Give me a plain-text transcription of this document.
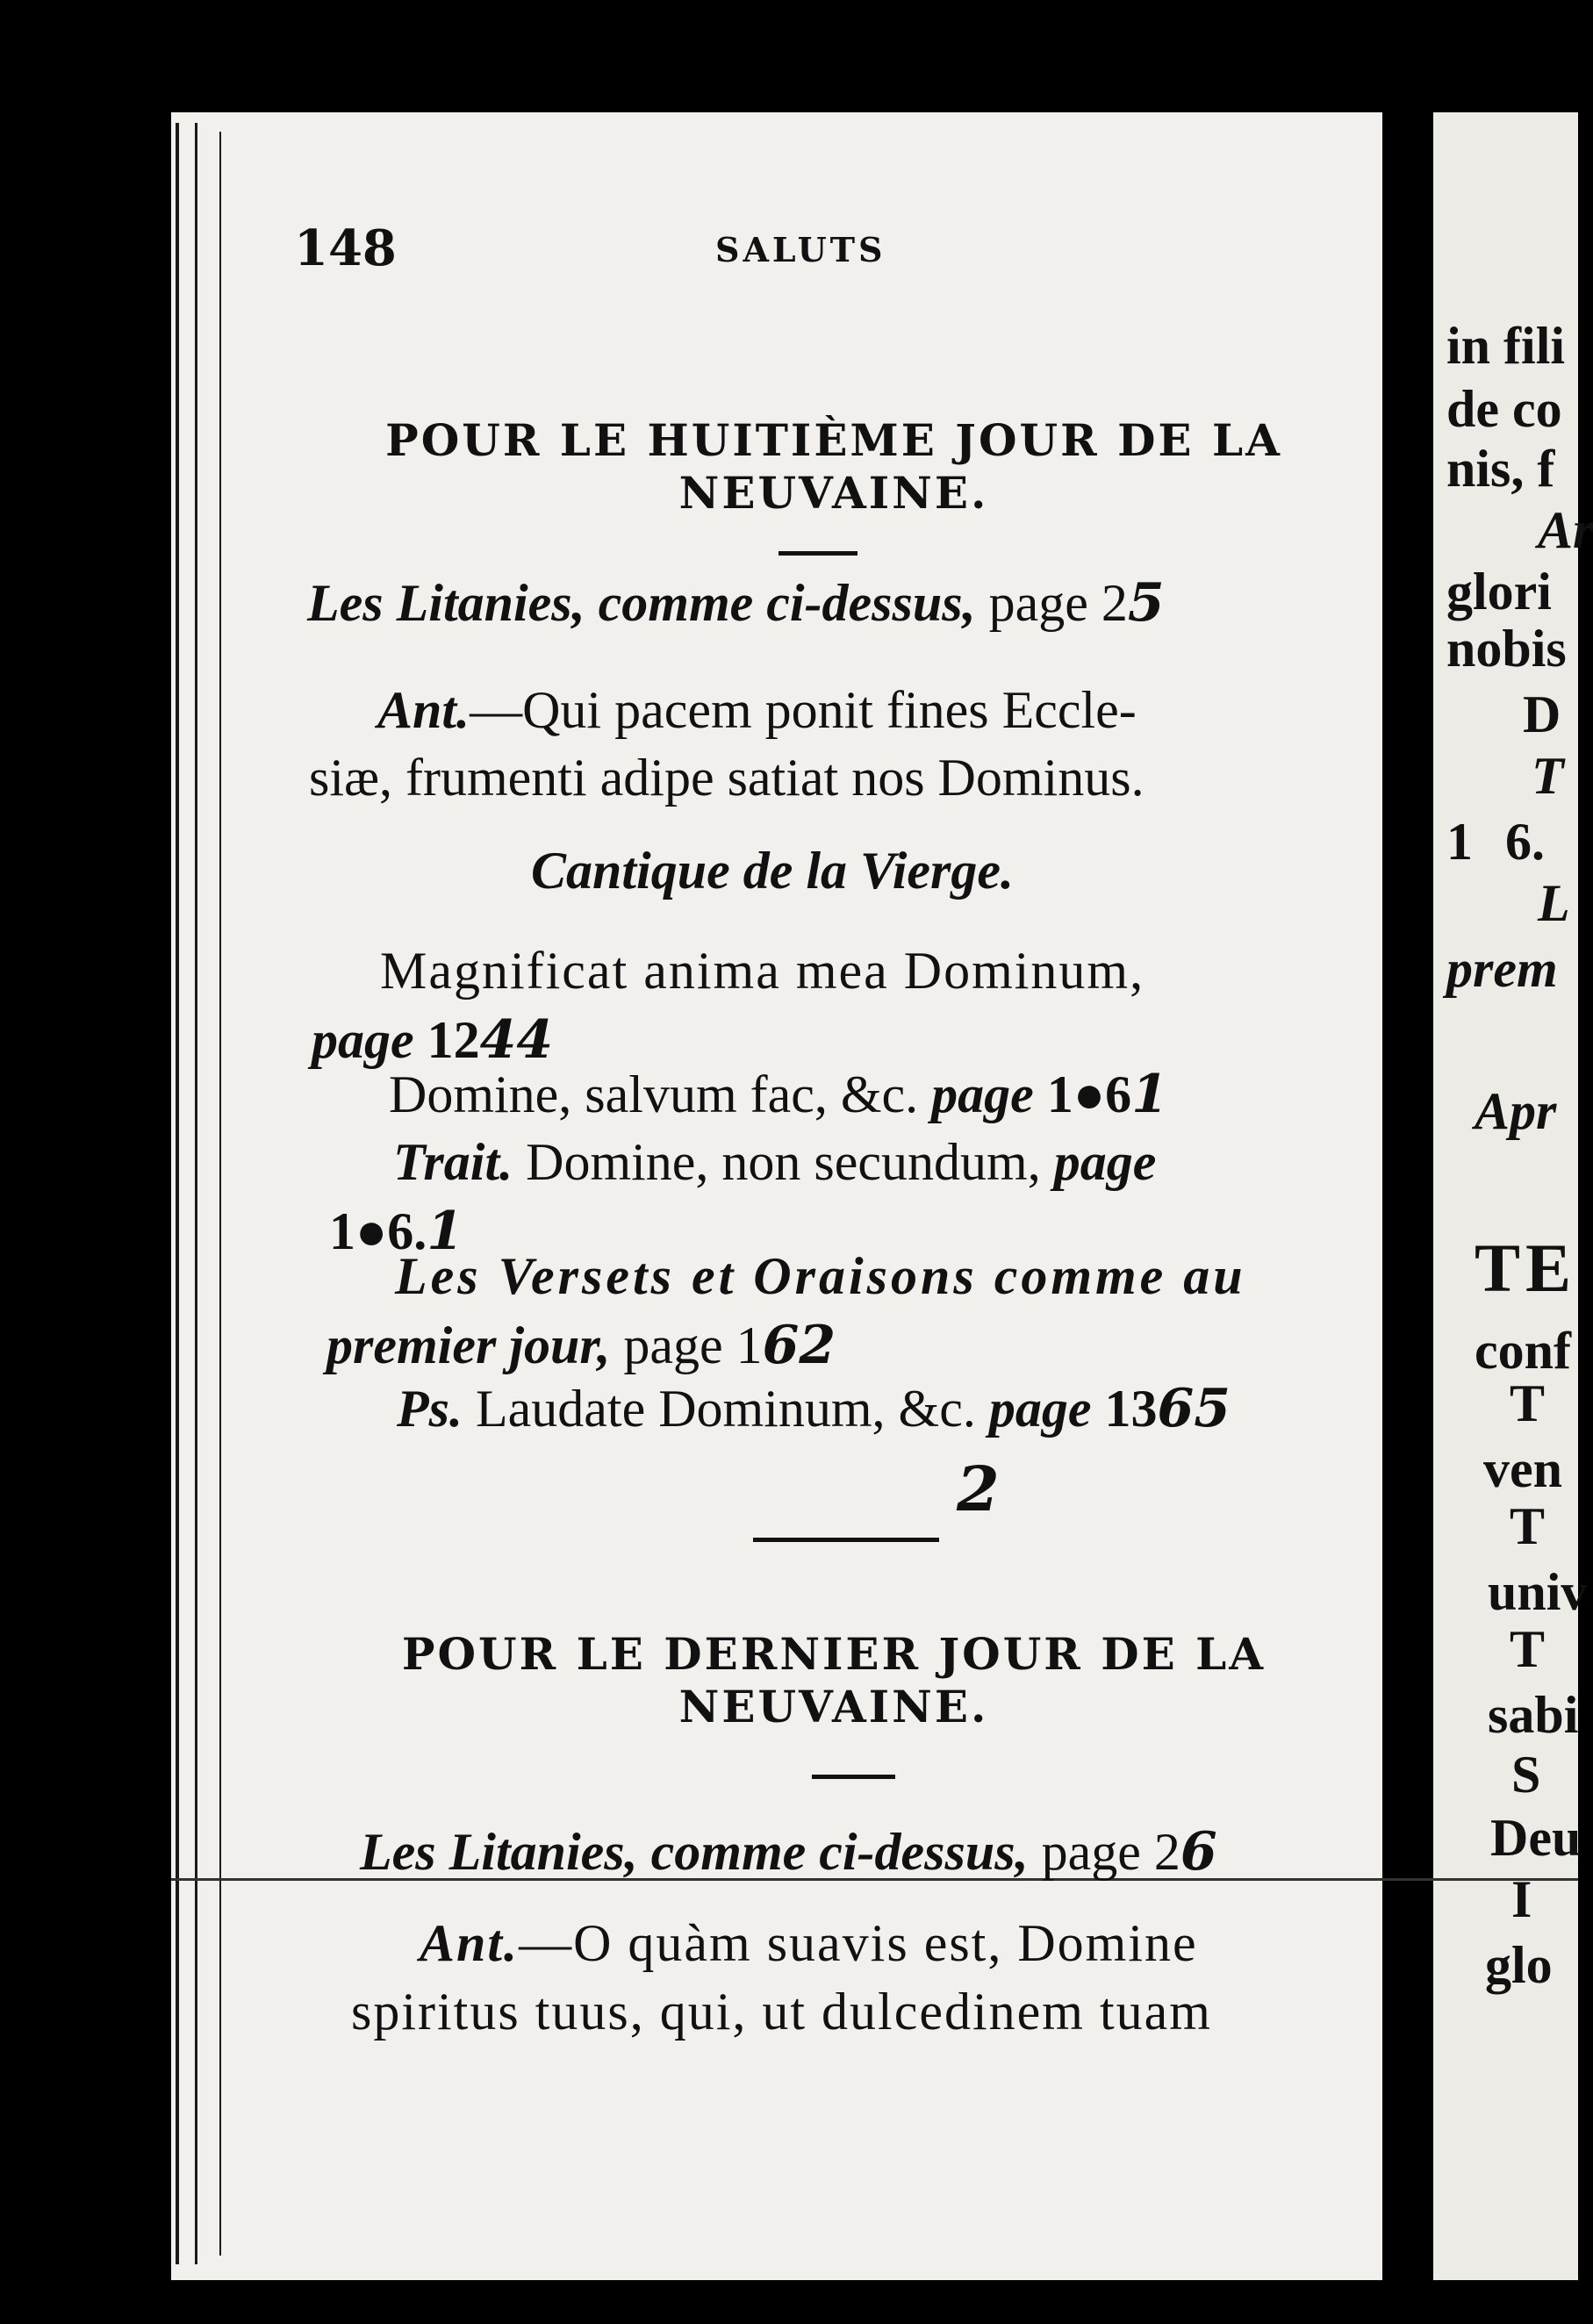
148	SALUTS
POUR LE HUITIÈME JOUR DE LA
NEUVAINE.
Les Litanies, comme ci-dessus, page 25
Ant.—Qui pacem ponit fines Eccle-
siæ, frumenti adipe satiat nos Dominus.
Cantique de la Vierge.
Magnificat anima mea Dominum,
page 1244
Domine, salvum fac, &c. page 1●61
Trait. Domine, non secundum, page
1●6.1
Les Versets et Oraisons comme au
premier jour, page 162
Ps. Laudate Dominum, &c. page 1365
2
POUR LE DERNIER JOUR DE LA
NEUVAINE.
Les Litanies, comme ci-dessus, page 26
Ant.—O quàm suavis est, Domine
spiritus tuus, qui, ut dulcedinem tuam
in fili
de co
nis, f
Ar
glori
nobis
D
T
1 6.
L
prem
Apr
TE
conf
T
ven
T
univ
T
sabi
S
Deu
I
glo
